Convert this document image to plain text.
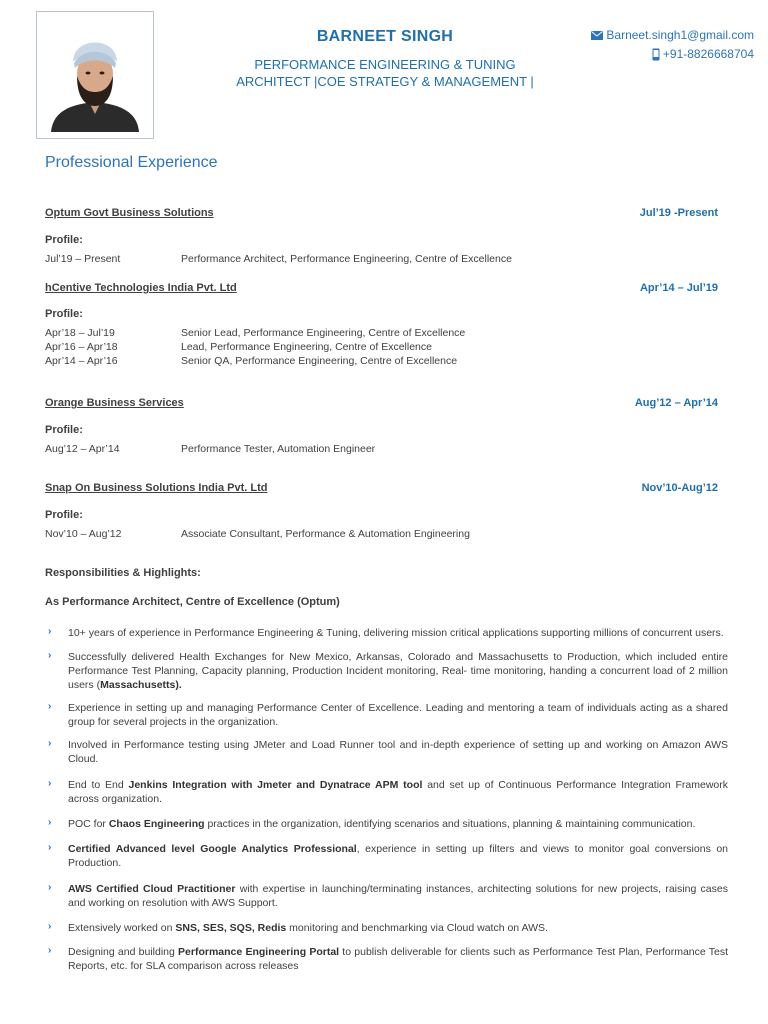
BARNEET SINGH
PERFORMANCE ENGINEERING & TUNING
ARCHITECT |COE STRATEGY & MANAGEMENT |
Barneet.singh1@gmail.com
+91-8826668704
Professional Experience
Optum Govt Business Solutions	Jul’19 -Present
Profile:
Jul’19 – Present	Performance Architect, Performance Engineering, Centre of Excellence
hCentive Technologies India Pvt. Ltd	Apr’14 – Jul’19
Profile:
Apr’18 – Jul’19	Senior Lead, Performance Engineering, Centre of Excellence
Apr’16 – Apr’18	Lead, Performance Engineering, Centre of Excellence
Apr’14 – Apr’16	Senior QA, Performance Engineering, Centre of Excellence
Orange Business Services	Aug’12 – Apr’14
Profile:
Aug’12 – Apr’14	Performance Tester, Automation Engineer
Snap On Business Solutions India Pvt. Ltd	Nov’10-Aug’12
Profile:
Nov’10 – Aug’12	Associate Consultant, Performance & Automation Engineering
Responsibilities & Highlights:
As Performance Architect, Centre of Excellence (Optum)
› 10+ years of experience in Performance Engineering & Tuning, delivering mission critical applications supporting millions of concurrent users.
› Successfully delivered Health Exchanges for New Mexico, Arkansas, Colorado and Massachusetts to Production, which included entire Performance Test Planning, Capacity planning, Production Incident monitoring, Real- time monitoring, handing a concurrent load of 2 million users (Massachusetts).
› Experience in setting up and managing Performance Center of Excellence. Leading and mentoring a team of individuals acting as a shared group for several projects in the organization.
› Involved in Performance testing using JMeter and Load Runner tool and in-depth experience of setting up and working on Amazon AWS Cloud.
› End to End Jenkins Integration with Jmeter and Dynatrace APM tool and set up of Continuous Performance Integration Framework across organization.
› POC for Chaos Engineering practices in the organization, identifying scenarios and situations, planning & maintaining communication.
› Certified Advanced level Google Analytics Professional, experience in setting up filters and views to monitor goal conversions on Production.
› AWS Certified Cloud Practitioner with expertise in launching/terminating instances, architecting solutions for new projects, raising cases and working on resolution with AWS Support.
› Extensively worked on SNS, SES, SQS, Redis monitoring and benchmarking via Cloud watch on AWS.
› Designing and building Performance Engineering Portal to publish deliverable for clients such as Performance Test Plan, Performance Test Reports, etc. for SLA comparison across releases
